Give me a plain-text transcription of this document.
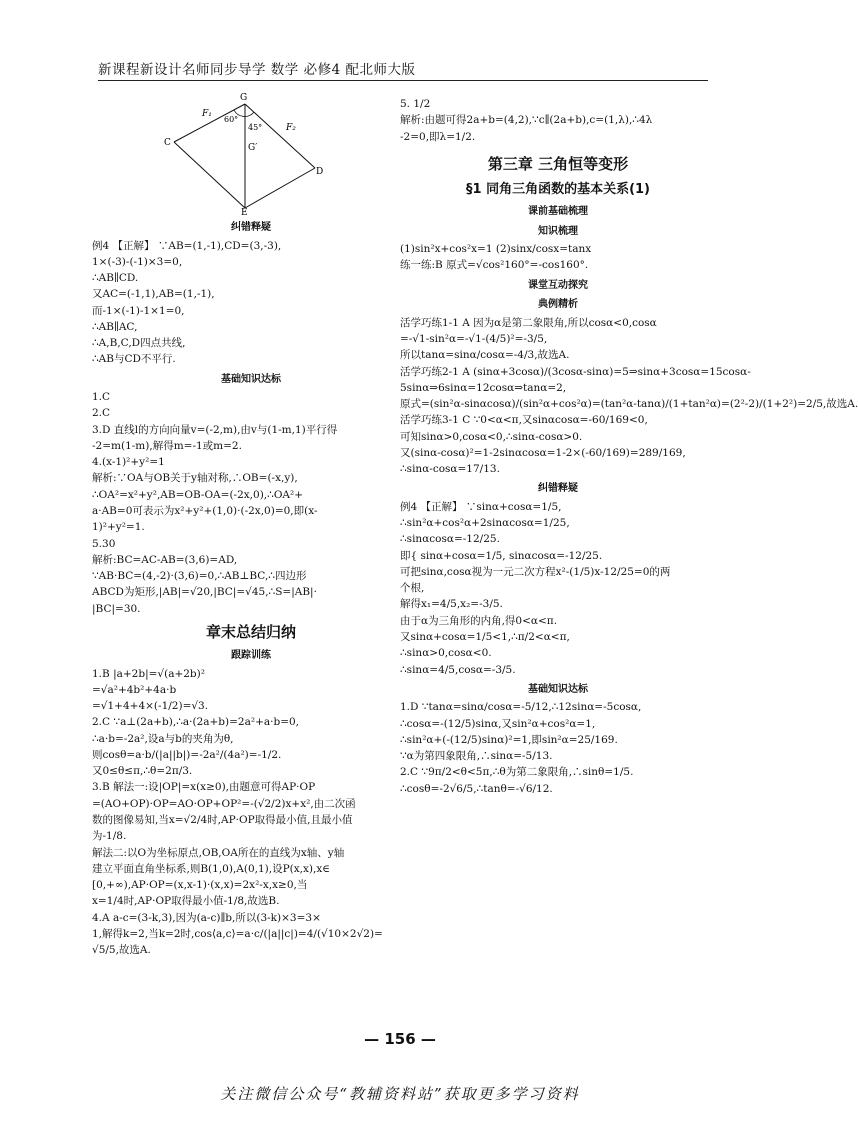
新课程新设计名师同步导学 数学 必修4 配北师大版
G
C
D
E
F₁
F₂
G′
60°
45°
纠错释疑
例4 【正解】 ∵AB=(1,-1),CD=(3,-3),
1×(-3)-(-1)×3=0,
∴AB∥CD.
又AC=(-1,1),AB=(1,-1),
而-1×(-1)-1×1=0,
∴AB∥AC,
∴A,B,C,D四点共线,
∴AB与CD不平行.
基础知识达标
1.C
2.C
3.D 直线l的方向向量v=(-2,m),由v与(1-m,1)平行得
-2=m(1-m),解得m=-1或m=2.
4.(x-1)²+y²=1
解析:∵OA与OB关于y轴对称,∴OB=(-x,y),
∴OA²=x²+y²,AB=OB-OA=(-2x,0),∴OA²+
a·AB=0可表示为x²+y²+(1,0)·(-2x,0)=0,即(x-
1)²+y²=1.
5.30
解析:BC=AC-AB=(3,6)=AD,
∵AB·BC=(4,-2)·(3,6)=0,∴AB⊥BC,∴四边形
ABCD为矩形,|AB|=√20,|BC|=√45,∴S=|AB|·
|BC|=30.
章末总结归纳
跟踪训练
1.B |a+2b|=√(a+2b)²
=√a²+4b²+4a·b
=√1+4+4×(-1/2)=√3.
2.C ∵a⊥(2a+b),∴a·(2a+b)=2a²+a·b=0,
∴a·b=-2a²,设a与b的夹角为θ,
则cosθ=a·b/(|a||b|)=-2a²/(4a²)=-1/2.
又0≤θ≤π,∴θ=2π/3.
3.B 解法一:设|OP|=x(x≥0),由题意可得AP·OP
=(AO+OP)·OP=AO·OP+OP²=-(√2/2)x+x²,由二次函
数的图像易知,当x=√2/4时,AP·OP取得最小值,且最小值
为-1/8.
解法二:以O为坐标原点,OB,OA所在的直线为x轴、y轴
建立平面直角坐标系,则B(1,0),A(0,1),设P(x,x),x∈
[0,+∞),AP·OP=(x,x-1)·(x,x)=2x²-x,x≥0,当
x=1/4时,AP·OP取得最小值-1/8,故选B.
4.A a-c=(3-k,3),因为(a-c)∥b,所以(3-k)×3=3×
1,解得k=2,当k=2时,cos⟨a,c⟩=a·c/(|a||c|)=4/(√10×2√2)=
√5/5,故选A.
5. 1/2
解析:由题可得2a+b=(4,2),∵c∥(2a+b),c=(1,λ),∴4λ
-2=0,即λ=1/2.
第三章 三角恒等变形
§1 同角三角函数的基本关系(1)
课前基础梳理
知识梳理
(1)sin²x+cos²x=1 (2)sinx/cosx=tanx
练一练:B 原式=√cos²160°=-cos160°.
课堂互动探究
典例精析
活学巧练1-1 A 因为α是第二象限角,所以cosα<0,cosα
=-√1-sin²α=-√1-(4/5)²=-3/5,
所以tanα=sinα/cosα=-4/3,故选A.
活学巧练2-1 A (sinα+3cosα)/(3cosα-sinα)=5⇒sinα+3cosα=15cosα-
5sinα⇒6sinα=12cosα⇒tanα=2,
原式=(sin²α-sinαcosα)/(sin²α+cos²α)=(tan²α-tanα)/(1+tan²α)=(2²-2)/(1+2²)=2/5,故选A.
活学巧练3-1 C ∵0<α<π,又sinαcosα=-60/169<0,
可知sinα>0,cosα<0,∴sinα-cosα>0.
又(sinα-cosα)²=1-2sinαcosα=1-2×(-60/169)=289/169,
∴sinα-cosα=17/13.
纠错释疑
例4 【正解】 ∵sinα+cosα=1/5,
∴sin²α+cos²α+2sinαcosα=1/25,
∴sinαcosα=-12/25.
即{ sinα+cosα=1/5, sinαcosα=-12/25.
可把sinα,cosα视为一元二次方程x²-(1/5)x-12/25=0的两
个根,
解得x₁=4/5,x₂=-3/5.
由于α为三角形的内角,得0<α<π.
又sinα+cosα=1/5<1,∴π/2<α<π,
∴sinα>0,cosα<0.
∴sinα=4/5,cosα=-3/5.
基础知识达标
1.D ∵tanα=sinα/cosα=-5/12,∴12sinα=-5cosα,
∴cosα=-(12/5)sinα,又sin²α+cos²α=1,
∴sin²α+(-(12/5)sinα)²=1,即sin²α=25/169.
∵α为第四象限角,∴sinα=-5/13.
2.C ∵9π/2<θ<5π,∴θ为第二象限角,∴sinθ=1/5.
∴cosθ=-2√6/5,∴tanθ=-√6/12.
— 156 —
关注微信公众号“教辅资料站”获取更多学习资料
